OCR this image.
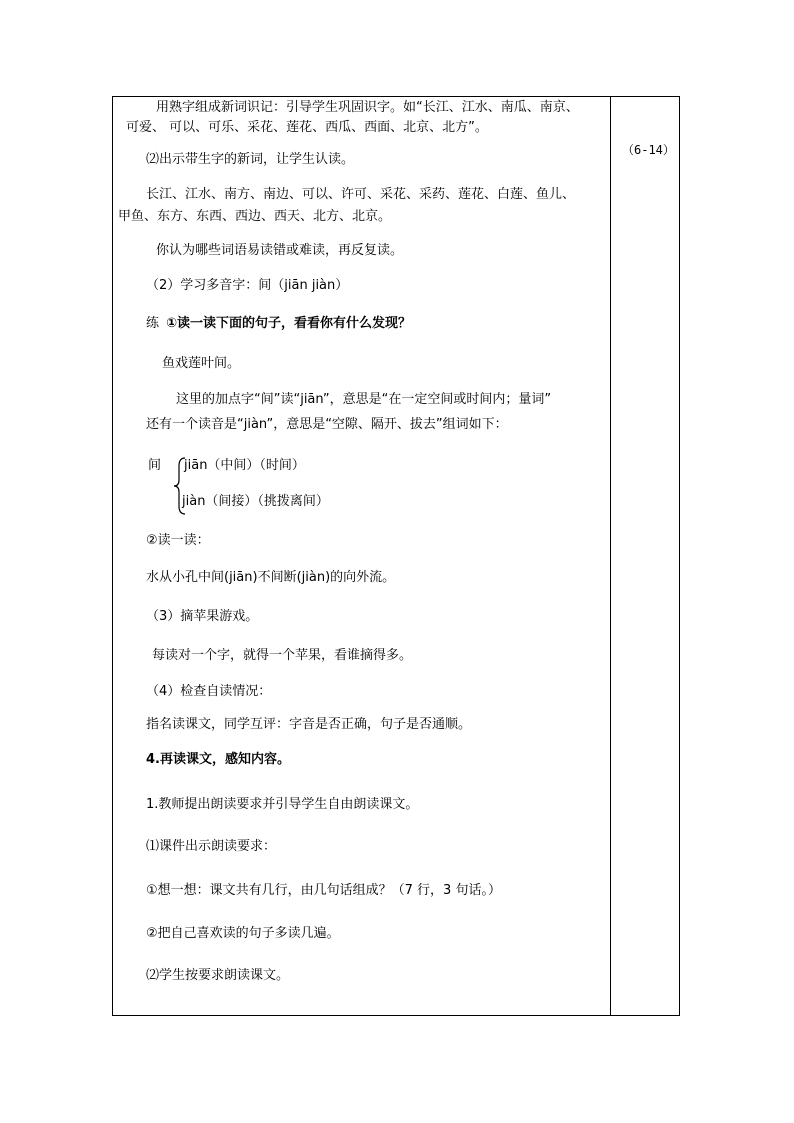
用熟字组成新词识记：引导学生巩固识字。如“长江、江水、南瓜、南京、
可爱、 可以、可乐、采花、莲花、西瓜、西面、北京、北方”。
⑵出示带生字的新词，让学生认读。
长江、江水、南方、南边、可以、许可、采花、采药、莲花、白莲、鱼儿、
甲鱼、东方、东西、西边、西天、北方、北京。
你认为哪些词语易读错或难读，再反复读。
（2）学习多音字：间（jiān jiàn）
练 ①读一读下面的句子，看看你有什么发现？
鱼戏莲叶间。
这里的加点字“间”读“jiān”，意思是“在一定空间或时间内；量词”
还有一个读音是“jiàn”，意思是“空隙、隔开、拔去”组词如下：
间 jiān（中间）（时间）
jiàn（间接）（挑拨离间）
②读一读：
水从小孔中间(jiān)不间断(jiàn)的向外流。
（3）摘苹果游戏。
每读对一个字，就得一个苹果，看谁摘得多。
（4）检查自读情况：
指名读课文，同学互评：字音是否正确，句子是否通顺。
4.再读课文，感知内容。
1.教师提出朗读要求并引导学生自由朗读课文。
⑴课件出示朗读要求：
①想一想：课文共有几行，由几句话组成？（7 行，3 句话。）
②把自己喜欢读的句子多读几遍。
⑵学生按要求朗读课文。
（6-14）
